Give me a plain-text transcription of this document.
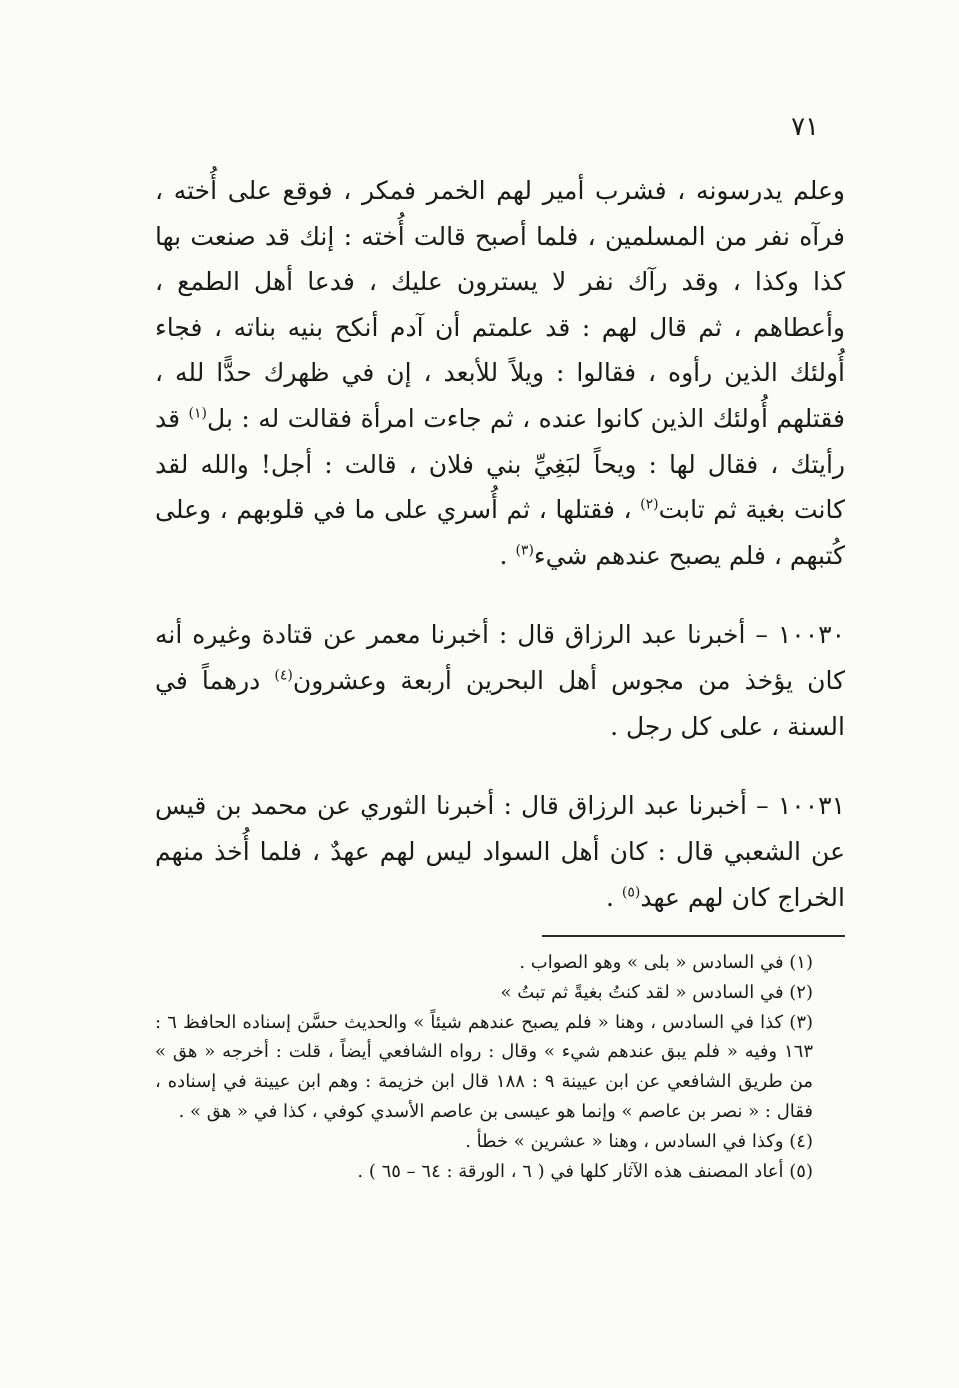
٧١

وعلم يدرسونه ، فشرب أمير لهم الخمر فمكر ، فوقع على أُخته ، فرآه نفر من المسلمين ، فلما أصبح قالت أُخته : إنك قد صنعت بها كذا وكذا ، وقد رآك نفر لا يسترون عليك ، فدعا أهل الطمع ، وأعطاهم ، ثم قال لهم : قد علمتم أن آدم أنكح بنيه بناته ، فجاء أُولئك الذين رأوه ، فقالوا : ويلاً للأبعد ، إن في ظهرك حدًّا لله ، فقتلهم أُولئك الذين كانوا عنده ، ثم جاءت امرأة فقالت له : بل$^{(١)}$ قد رأيتك ، فقال لها : ويحاً لبَغِيِّ بني فلان ، قالت : أجل! والله لقد كانت بغية ثم تابت$^{(٢)}$ ، فقتلها ، ثم أُسري على ما في قلوبهم ، وعلى كُتبهم ، فلم يصبح عندهم شيء$^{(٣)}$ .

١٠٠٣٠ – أخبرنا عبد الرزاق قال : أخبرنا معمر عن قتادة وغيره أنه كان يؤخذ من مجوس أهل البحرين أربعة وعشرون$^{(٤)}$ درهماً في السنة ، على كل رجل .

١٠٠٣١ – أخبرنا عبد الرزاق قال : أخبرنا الثوري عن محمد بن قيس عن الشعبي قال : كان أهل السواد ليس لهم عهدٌ ، فلما أُخذ منهم الخراج كان لهم عهد$^{(٥)}$ .

(١) في السادس « بلى » وهو الصواب .

(٢) في السادس « لقد كنتُ بغيةً ثم تبتُ »

(٣) كذا في السادس ، وهنا « فلم يصبح عندهم شيئاً » والحديث حسَّن إسناده الحافظ ٦ : ١٦٣ وفيه « فلم يبق عندهم شيء » وقال : رواه الشافعي أيضاً ، قلت : أخرجه « هق » من طريق الشافعي عن ابن عيينة ٩ : ١٨٨ قال ابن خزيمة : وهم ابن عيينة في إسناده ، فقال : « نصر بن عاصم » وإنما هو عيسى بن عاصم الأسدي كوفي ، كذا في « هق » .

(٤) وكذا في السادس ، وهنا « عشرين » خطأ .

(٥) أعاد المصنف هذه الآثار كلها في ( ٦ ، الورقة : ٦٤ – ٦٥ ) .
